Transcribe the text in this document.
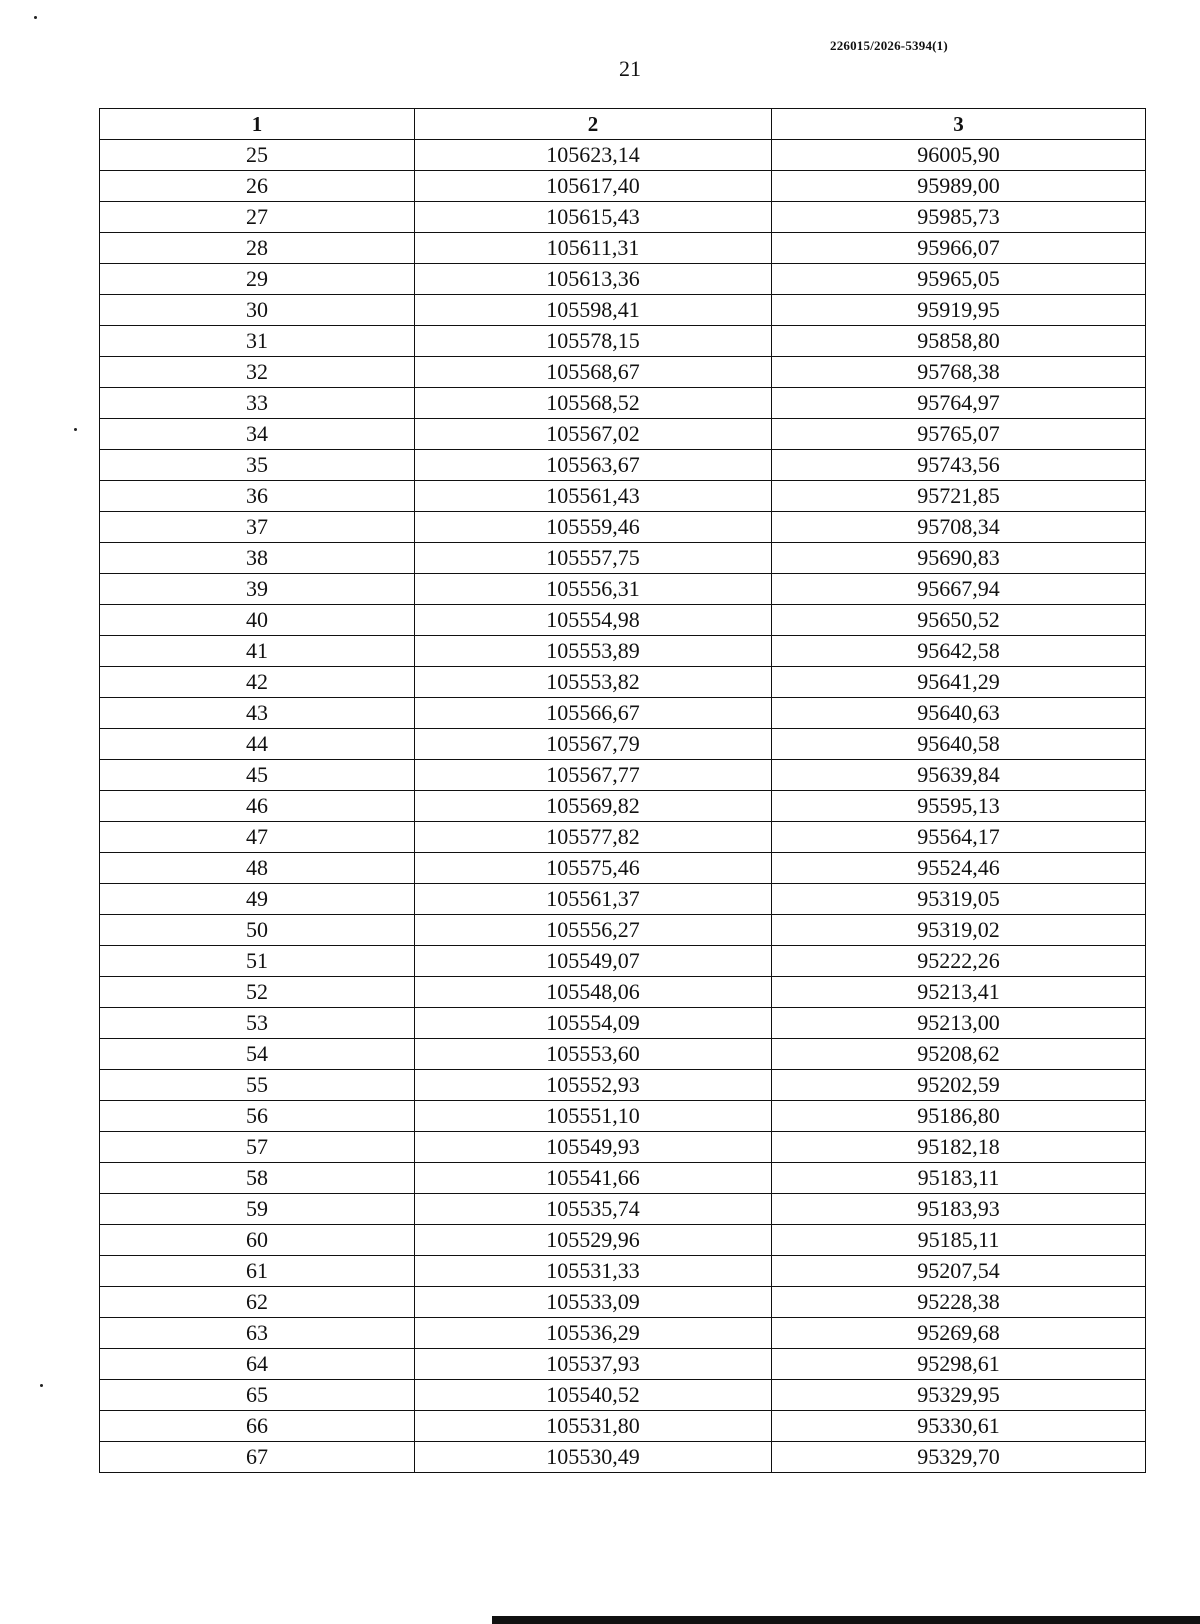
226015/2026-5394(1)
21
1	2	3
25	105623,14	96005,90
26	105617,40	95989,00
27	105615,43	95985,73
28	105611,31	95966,07
29	105613,36	95965,05
30	105598,41	95919,95
31	105578,15	95858,80
32	105568,67	95768,38
33	105568,52	95764,97
34	105567,02	95765,07
35	105563,67	95743,56
36	105561,43	95721,85
37	105559,46	95708,34
38	105557,75	95690,83
39	105556,31	95667,94
40	105554,98	95650,52
41	105553,89	95642,58
42	105553,82	95641,29
43	105566,67	95640,63
44	105567,79	95640,58
45	105567,77	95639,84
46	105569,82	95595,13
47	105577,82	95564,17
48	105575,46	95524,46
49	105561,37	95319,05
50	105556,27	95319,02
51	105549,07	95222,26
52	105548,06	95213,41
53	105554,09	95213,00
54	105553,60	95208,62
55	105552,93	95202,59
56	105551,10	95186,80
57	105549,93	95182,18
58	105541,66	95183,11
59	105535,74	95183,93
60	105529,96	95185,11
61	105531,33	95207,54
62	105533,09	95228,38
63	105536,29	95269,68
64	105537,93	95298,61
65	105540,52	95329,95
66	105531,80	95330,61
67	105530,49	95329,70
